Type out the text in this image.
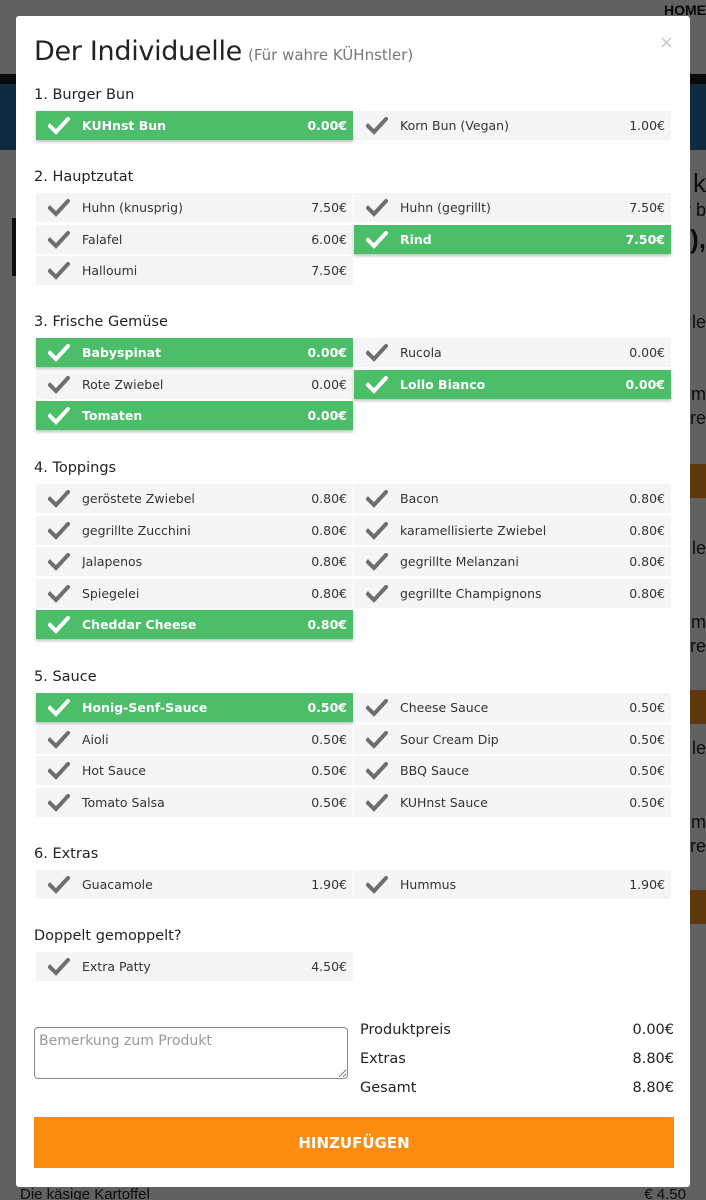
×
Der Individuelle (Für wahre KÜHnstler)
1. Burger Bun
KUHnst Bun	0.00€	Korn Bun (Vegan)	1.00€
2. Hauptzutat
Huhn (knusprig)	7.50€	Huhn (gegrillt)	7.50€
Falafel	6.00€	Rind	7.50€
Halloumi	7.50€
3. Frische Gemüse
Babyspinat	0.00€	Rucola	0.00€
Rote Zwiebel	0.00€	Lollo Bianco	0.00€
Tomaten	0.00€
4. Toppings
geröstete Zwiebel	0.80€	Bacon	0.80€
gegrillte Zucchini	0.80€	karamellisierte Zwiebel	0.80€
Jalapenos	0.80€	gegrillte Melanzani	0.80€
Spiegelei	0.80€	gegrillte Champignons	0.80€
Cheddar Cheese	0.80€
5. Sauce
Honig-Senf-Sauce	0.50€	Cheese Sauce	0.50€
Aioli	0.50€	Sour Cream Dip	0.50€
Hot Sauce	0.50€	BBQ Sauce	0.50€
Tomato Salsa	0.50€	KUHnst Sauce	0.50€
6. Extras
Guacamole	1.90€	Hummus	1.90€
Doppelt gemoppelt?
Extra Patty	4.50€
Bemerkung zum Produkt
Produktpreis	0.00€
Extras	8.80€
Gesamt	8.80€
HINZUFÜGEN
